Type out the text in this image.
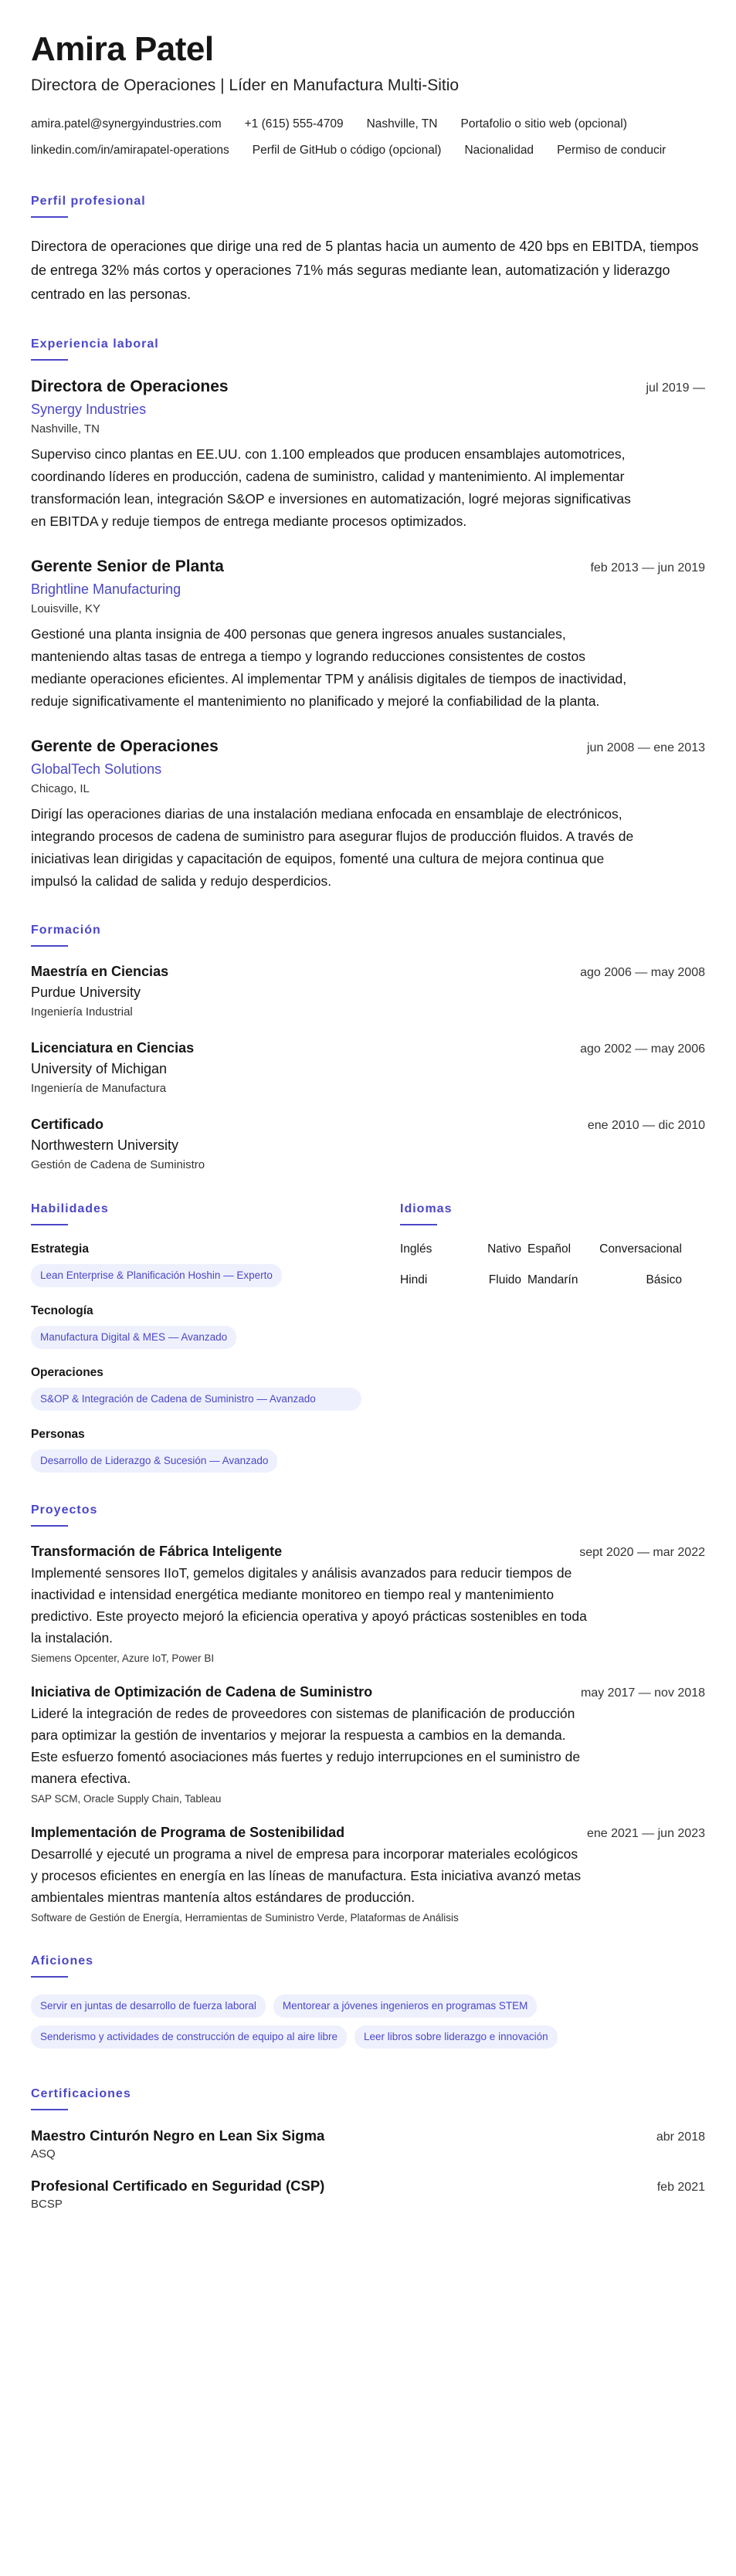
Amira Patel
Directora de Operaciones | Líder en Manufactura Multi-Sitio
amira.patel@synergyindustries.com +1 (615) 555-4709 Nashville, TN Portafolio o sitio web (opcional)
linkedin.com/in/amirapatel-operations Perfil de GitHub o código (opcional) Nacionalidad Permiso de conducir
Perfil profesional
Directora de operaciones que dirige una red de 5 plantas hacia un aumento de 420 bps en EBITDA, tiempos de entrega 32% más cortos y operaciones 71% más seguras mediante lean, automatización y liderazgo centrado en las personas.
Experiencia laboral
Directora de Operaciones	jul 2019 —
Synergy Industries
Nashville, TN
Superviso cinco plantas en EE.UU. con 1.100 empleados que producen ensamblajes automotrices, coordinando líderes en producción, cadena de suministro, calidad y mantenimiento. Al implementar transformación lean, integración S&OP e inversiones en automatización, logré mejoras significativas en EBITDA y reduje tiempos de entrega mediante procesos optimizados.
Gerente Senior de Planta	feb 2013 — jun 2019
Brightline Manufacturing
Louisville, KY
Gestioné una planta insignia de 400 personas que genera ingresos anuales sustanciales, manteniendo altas tasas de entrega a tiempo y logrando reducciones consistentes de costos mediante operaciones eficientes. Al implementar TPM y análisis digitales de tiempos de inactividad, reduje significativamente el mantenimiento no planificado y mejoré la confiabilidad de la planta.
Gerente de Operaciones	jun 2008 — ene 2013
GlobalTech Solutions
Chicago, IL
Dirigí las operaciones diarias de una instalación mediana enfocada en ensamblaje de electrónicos, integrando procesos de cadena de suministro para asegurar flujos de producción fluidos. A través de iniciativas lean dirigidas y capacitación de equipos, fomenté una cultura de mejora continua que impulsó la calidad de salida y redujo desperdicios.
Formación
Maestría en Ciencias	ago 2006 — may 2008
Purdue University
Ingeniería Industrial
Licenciatura en Ciencias	ago 2002 — may 2006
University of Michigan
Ingeniería de Manufactura
Certificado	ene 2010 — dic 2010
Northwestern University
Gestión de Cadena de Suministro
Habilidades
Estrategia
Lean Enterprise & Planificación Hoshin — Experto
Tecnología
Manufactura Digital & MES — Avanzado
Operaciones
S&OP & Integración de Cadena de Suministro — Avanzado
Personas
Desarrollo de Liderazgo & Sucesión — Avanzado
Idiomas
Inglés	Nativo Español	Conversacional
Hindi	Fluido Mandarín	Básico
Proyectos
Transformación de Fábrica Inteligente	sept 2020 — mar 2022
Implementé sensores IIoT, gemelos digitales y análisis avanzados para reducir tiempos de inactividad e intensidad energética mediante monitoreo en tiempo real y mantenimiento predictivo. Este proyecto mejoró la eficiencia operativa y apoyó prácticas sostenibles en toda la instalación.
Siemens Opcenter, Azure IoT, Power BI
Iniciativa de Optimización de Cadena de Suministro	may 2017 — nov 2018
Lideré la integración de redes de proveedores con sistemas de planificación de producción para optimizar la gestión de inventarios y mejorar la respuesta a cambios en la demanda. Este esfuerzo fomentó asociaciones más fuertes y redujo interrupciones en el suministro de manera efectiva.
SAP SCM, Oracle Supply Chain, Tableau
Implementación de Programa de Sostenibilidad	ene 2021 — jun 2023
Desarrollé y ejecuté un programa a nivel de empresa para incorporar materiales ecológicos y procesos eficientes en energía en las líneas de manufactura. Esta iniciativa avanzó metas ambientales mientras mantenía altos estándares de producción.
Software de Gestión de Energía, Herramientas de Suministro Verde, Plataformas de Análisis
Aficiones
Servir en juntas de desarrollo de fuerza laboral	Mentorear a jóvenes ingenieros en programas STEM
Senderismo y actividades de construcción de equipo al aire libre	Leer libros sobre liderazgo e innovación
Certificaciones
Maestro Cinturón Negro en Lean Six Sigma	abr 2018
ASQ
Profesional Certificado en Seguridad (CSP)	feb 2021
BCSP
